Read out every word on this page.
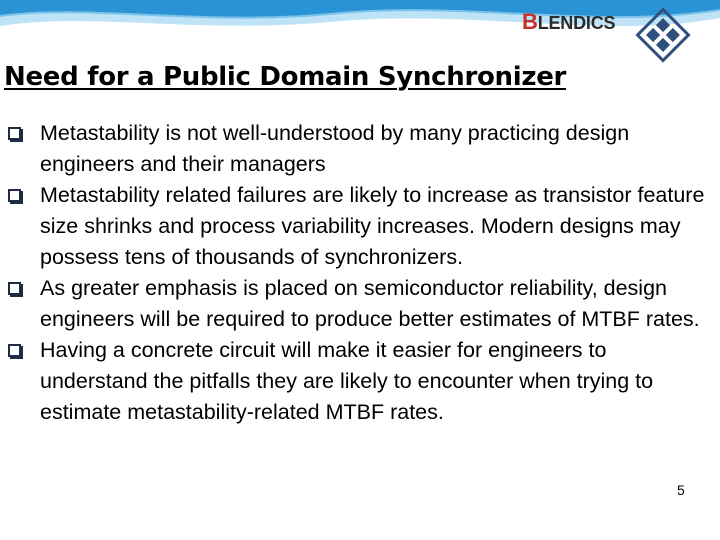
BLENDICS
Need for a Public Domain Synchronizer
Metastability is not well-understood by many practicing design engineers and their managers
Metastability related failures are likely to increase as transistor feature size shrinks and process variability increases. Modern designs may possess tens of thousands of synchronizers.
As greater emphasis is placed on semiconductor reliability, design engineers will be required to produce better estimates of MTBF rates.
Having a concrete circuit will make it easier for engineers to understand the pitfalls they are likely to encounter when trying to estimate metastability-related MTBF rates.
5
